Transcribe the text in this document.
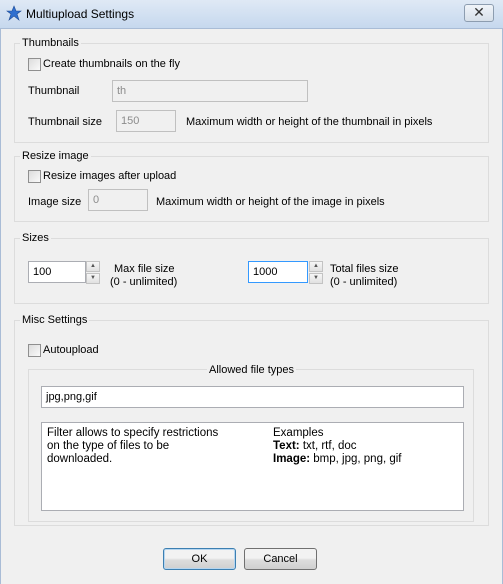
Multiupload Settings	✕
Thumbnails
Create thumbnails on the fly
Thumbnail	th
Thumbnail size	150	Maximum width or height of the thumbnail in pixels
Resize image
Resize images after upload
Image size	0	Maximum width or height of the image in pixels
Sizes
100	▲
▼
Max file size
(0 - unlimited)
1000	▲
▼
Total files size
(0 - unlimited)
Misc Settings
Autoupload
Allowed file types
jpg,png,gif
Filter allows to specify restrictions
on the type of files to be
downloaded.
Examples
Text: txt, rtf, doc
Image: bmp, jpg, png, gif
OK	Cancel
